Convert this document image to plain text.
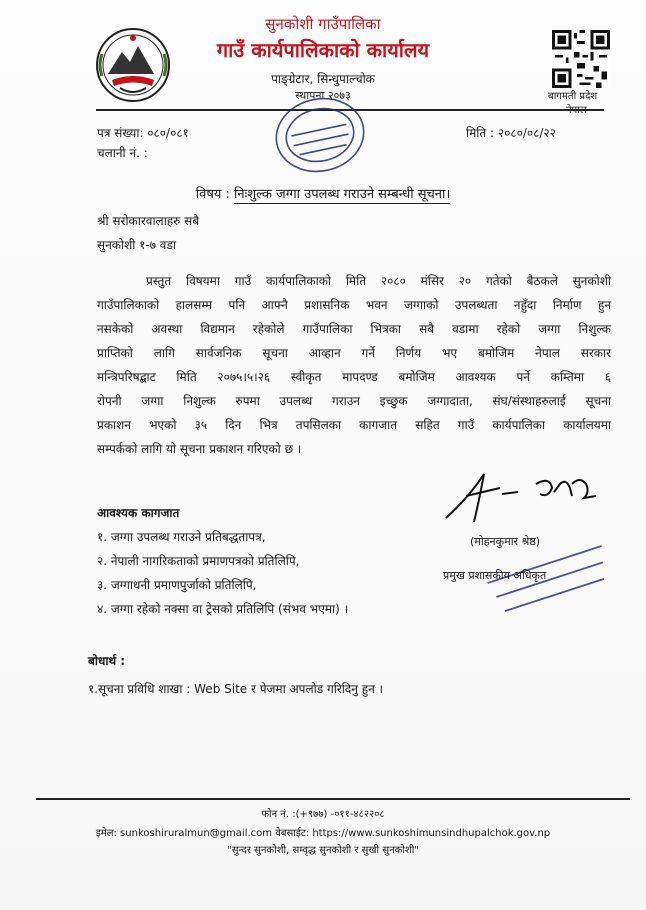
सुनकोशी गाउँपालिका
गाउँ कार्यपालिकाको कार्यालय
पाङ्ग्रेटार, सिन्धुपाल्चोक
स्थापना २०७३	बागमती प्रदेश
पत्र संख्या: ०८०/०८१
चलानी नं. :
मिति : २०८०/०८/२२
विषय : निःशुल्क जग्गा उपलब्ध गराउने सम्बन्धी सूचना।
श्री सरोकारवालाहरु सबै
सुनकोशी १-७ वडा
प्रस्तुत विषयमा गाउँ कार्यपालिकाको मिति २०८० मंसिर २० गतेको बैठकले सुनकोशी
गाउँपालिकाको हालसम्म पनि आफ्नै प्रशासनिक भवन जग्गाको उपलब्धता नहुँदा निर्माण हुन
नसकेको अवस्था विद्यमान रहेकोले गाउँपालिका भित्रका सबै वडामा रहेको जग्गा निशुल्क
प्राप्तिको लागि सार्वजनिक सूचना आव्हान गर्ने निर्णय भए बमोजिम नेपाल सरकार
मन्त्रिपरिषद्बाट मिति २०७५।५।२६ स्वीकृत मापदण्ड बमोजिम आवश्यक पर्ने कम्तिमा ६
रोपनी जग्गा निशुल्क रुपमा उपलब्ध गराउन इच्छुक जग्गादाता, संघ/संस्थाहरुलाई सूचना
प्रकाशन भएको ३५ दिन भित्र तपसिलका कागजात सहित गाउँ कार्यपालिका कार्यालयमा
सम्पर्कको लागि यो सूचना प्रकाशन गरिएको छ ।
आवश्यक कागजात
१. जग्गा उपलब्ध गराउने प्रतिबद्धतापत्र,
२. नेपाली नागरिकताको प्रमाणपत्रको प्रतिलिपि,
३. जग्गाधनी प्रमाणपुर्जाको प्रतिलिपि,
४. जग्गा रहेको नक्सा वा ट्रेसको प्रतिलिपि (संभव भएमा) ।
(मोहनकुमार श्रेष्ठ)
प्रमुख प्रशासकीय अधिकृत
बोधार्थ :
१.सूचना प्रविधि शाखा : Web Site र पेजमा अपलोड गरिदिनु हुन ।
फोन नं. :(+९७७) -०११-४८२२०८
इमेल: sunkoshiruralmun@gmail.com वेबसाईट: https://www.sunkoshimunsindhupalchok.gov.np
"सुन्दर सुनकोशी, सम्वृद्ध सुनकोशी र सुखी सुनकोशी"
